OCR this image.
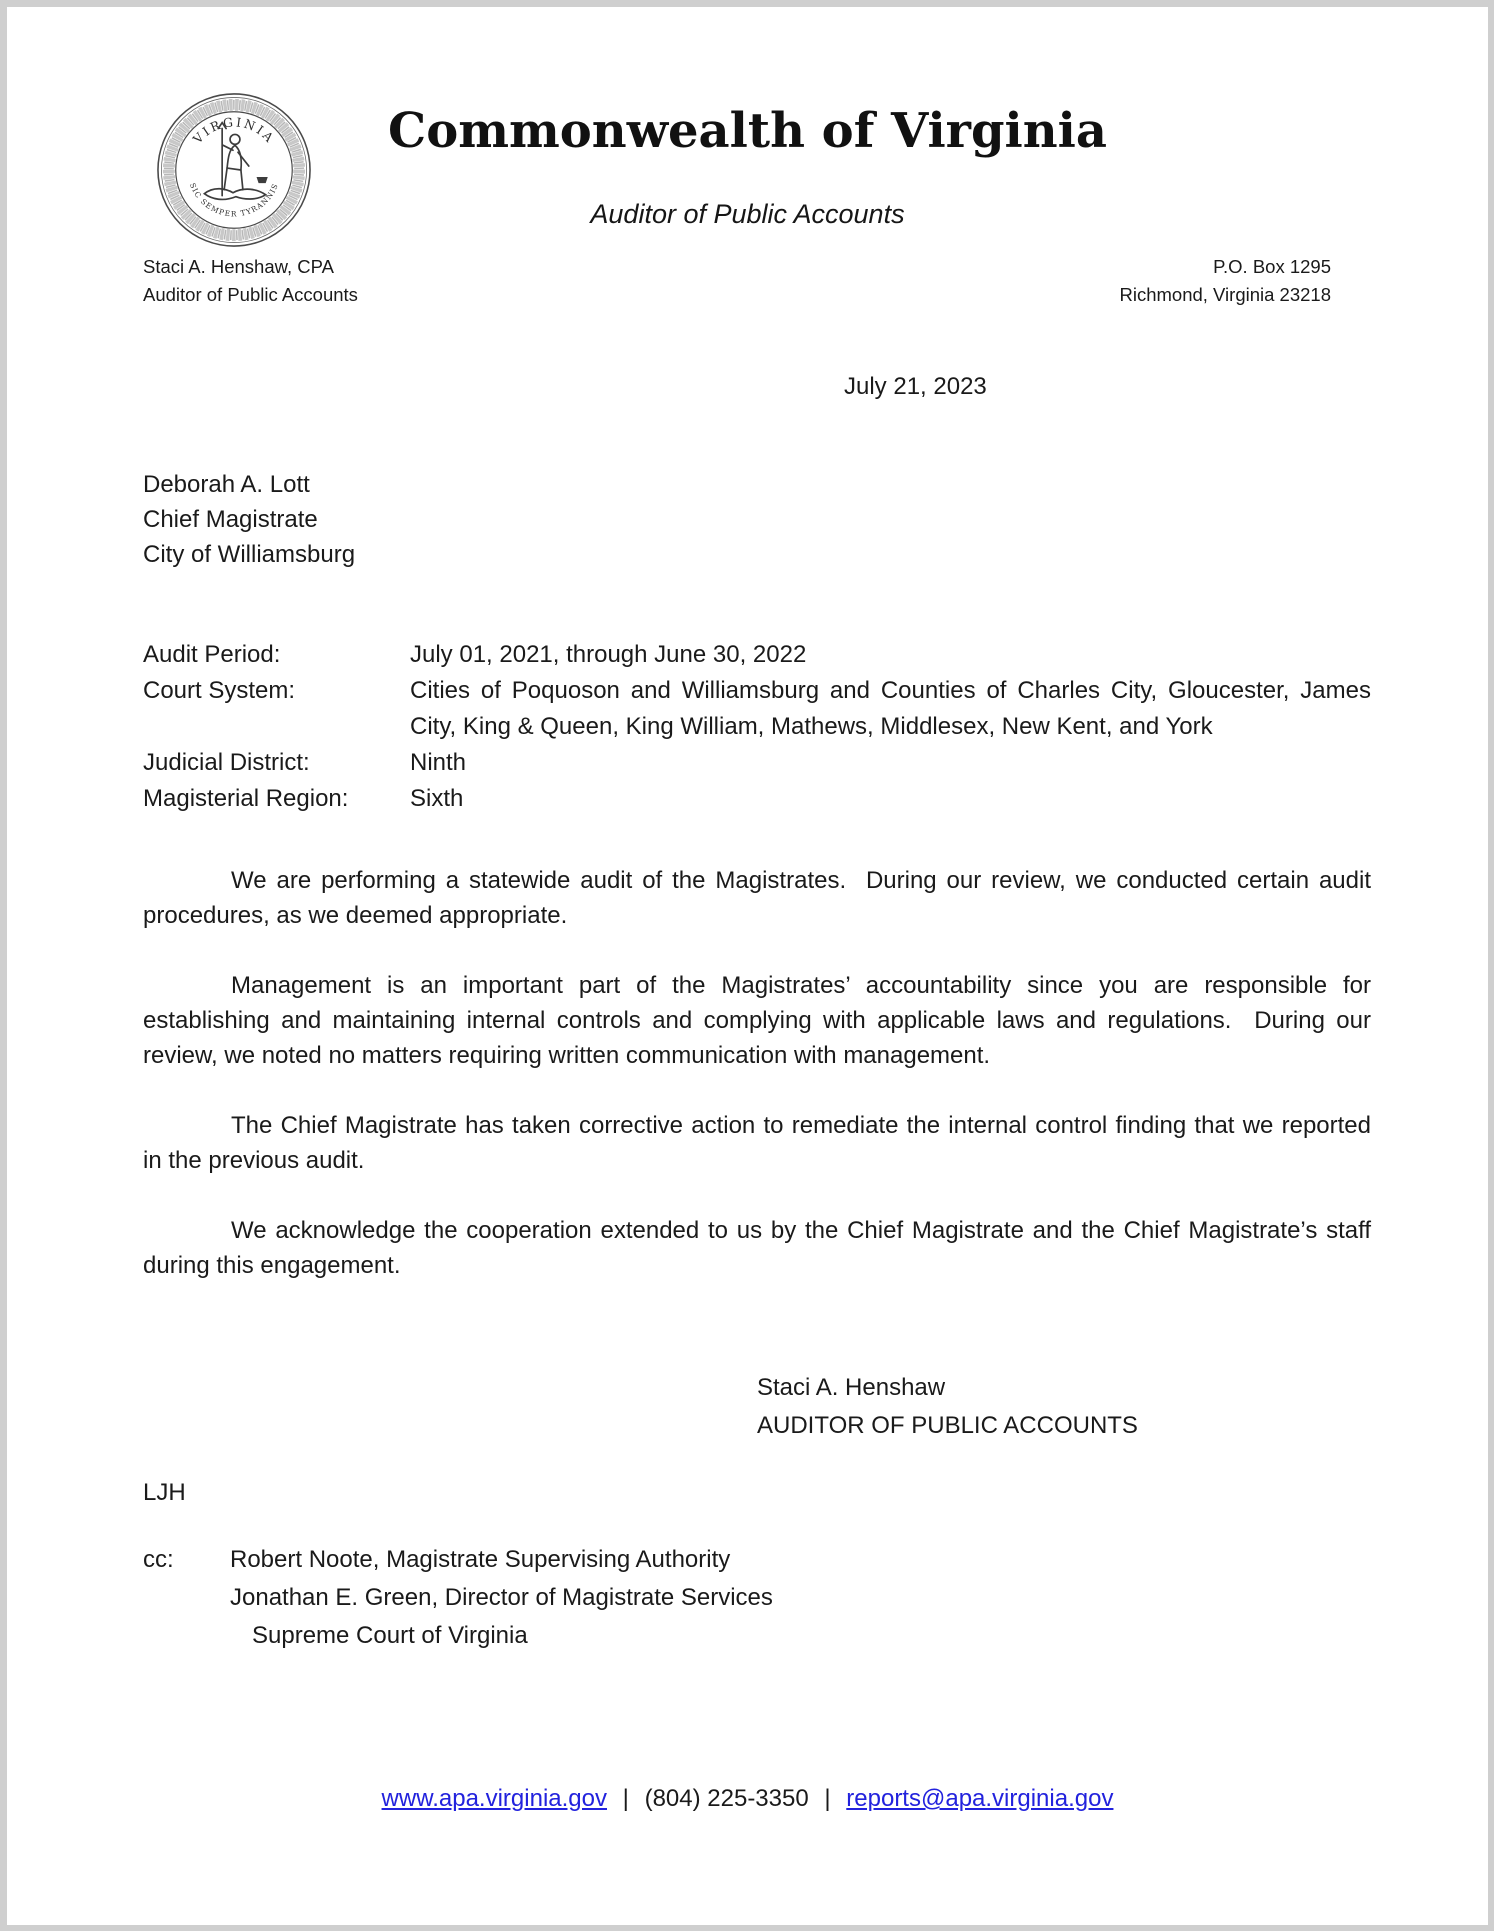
VIRGINIA
SIC SEMPER TYRANNIS
Commonwealth of Virginia
Auditor of Public Accounts
Staci A. Henshaw, CPA
Auditor of Public Accounts
P.O. Box 1295
Richmond, Virginia 23218
July 21, 2023
Deborah A. Lott
Chief Magistrate
City of Williamsburg
Audit Period:	July 01, 2021, through June 30, 2022
Court System:	Cities of Poquoson and Williamsburg and Counties of Charles City, Gloucester, James City, King & Queen, King William, Mathews, Middlesex, New Kent, and York
Judicial District:	Ninth
Magisterial Region:	Sixth

We are performing a statewide audit of the Magistrates.  During our review, we conducted certain audit procedures, as we deemed appropriate.

Management is an important part of the Magistrates’ accountability since you are responsible for establishing and maintaining internal controls and complying with applicable laws and regulations.  During our review, we noted no matters requiring written communication with management.

The Chief Magistrate has taken corrective action to remediate the internal control finding that we reported in the previous audit.

We acknowledge the cooperation extended to us by the Chief Magistrate and the Chief Magistrate’s staff during this engagement.

Staci A. Henshaw
AUDITOR OF PUBLIC ACCOUNTS
LJH
cc:	Robert Noote, Magistrate Supervising Authority
Jonathan E. Green, Director of Magistrate Services
Supreme Court of Virginia
www.apa.virginia.gov | (804) 225-3350 | reports@apa.virginia.gov
